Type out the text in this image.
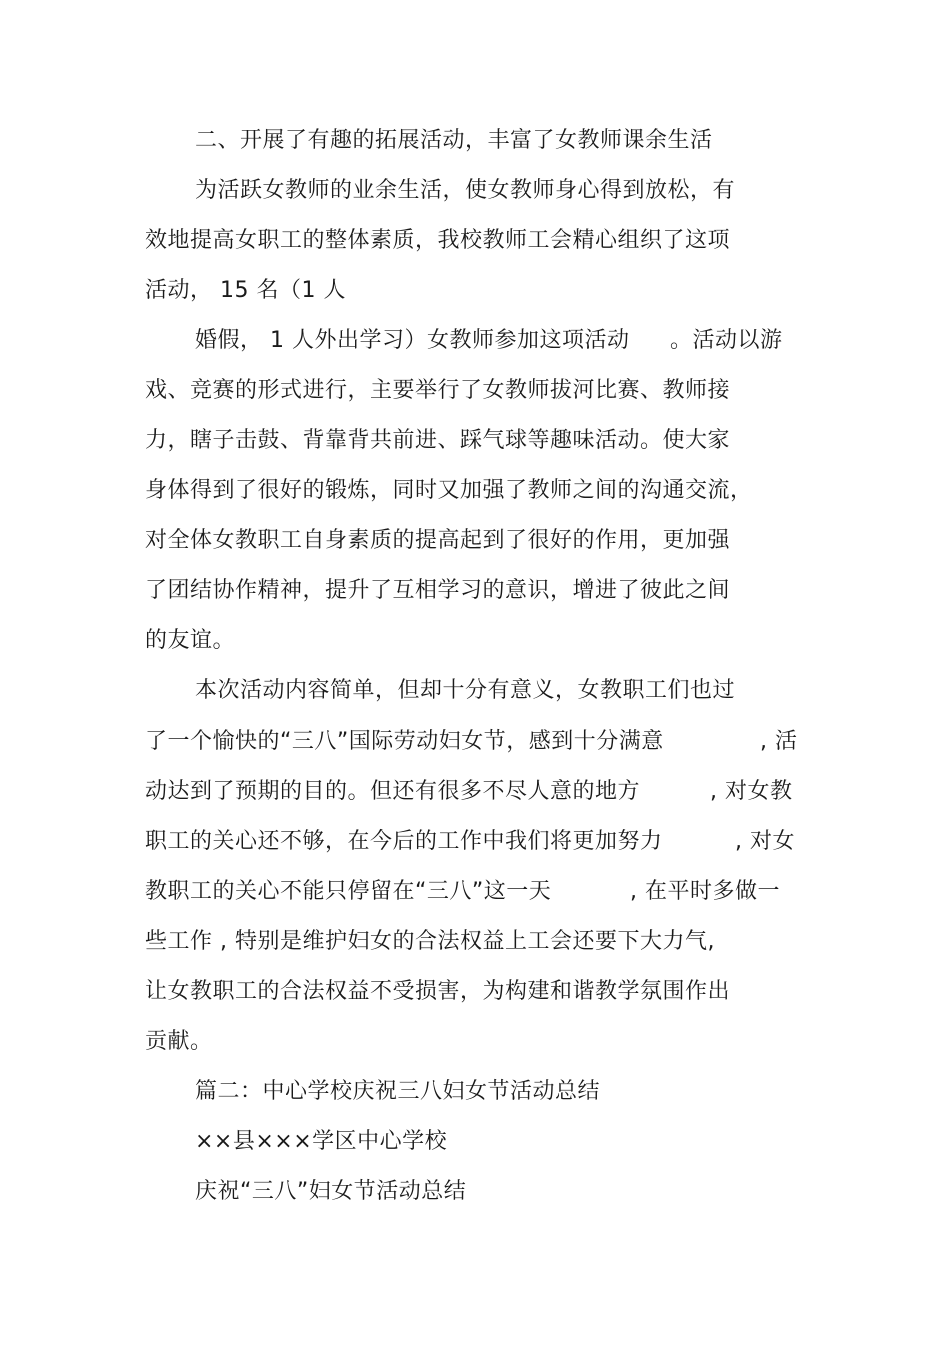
二、开展了有趣的拓展活动，丰富了女教师课余生活
为活跃女教师的业余生活，使女教师身心得到放松，有
效地提高女职工的整体素质，我校教师工会精心组织了这项
活动， 15 名（1 人
婚假， 1 人外出学习）女教师参加这项活动 。活动以游
戏、竞赛的形式进行，主要举行了女教师拔河比赛、教师接
力，瞎子击鼓、背靠背共前进、踩气球等趣味活动。使大家
身体得到了很好的锻炼，同时又加强了教师之间的沟通交流，
对全体女教职工自身素质的提高起到了很好的作用，更加强
了团结协作精神，提升了互相学习的意识，增进了彼此之间
的友谊。
本次活动内容简单，但却十分有意义，女教职工们也过
了一个愉快的“三八”国际劳动妇女节，感到十分满意	, 活
动达到了预期的目的。但还有很多不尽人意的地方	, 对女教
职工的关心还不够，在今后的工作中我们将更加努力	, 对女
教职工的关心不能只停留在“三八”这一天	, 在平时多做一
些工作 , 特别是维护妇女的合法权益上工会还要下大力气,
让女教职工的合法权益不受损害，为构建和谐教学氛围作出
贡献。
篇二：中心学校庆祝三八妇女节活动总结
××县×××学区中心学校
庆祝“三八”妇女节活动总结
